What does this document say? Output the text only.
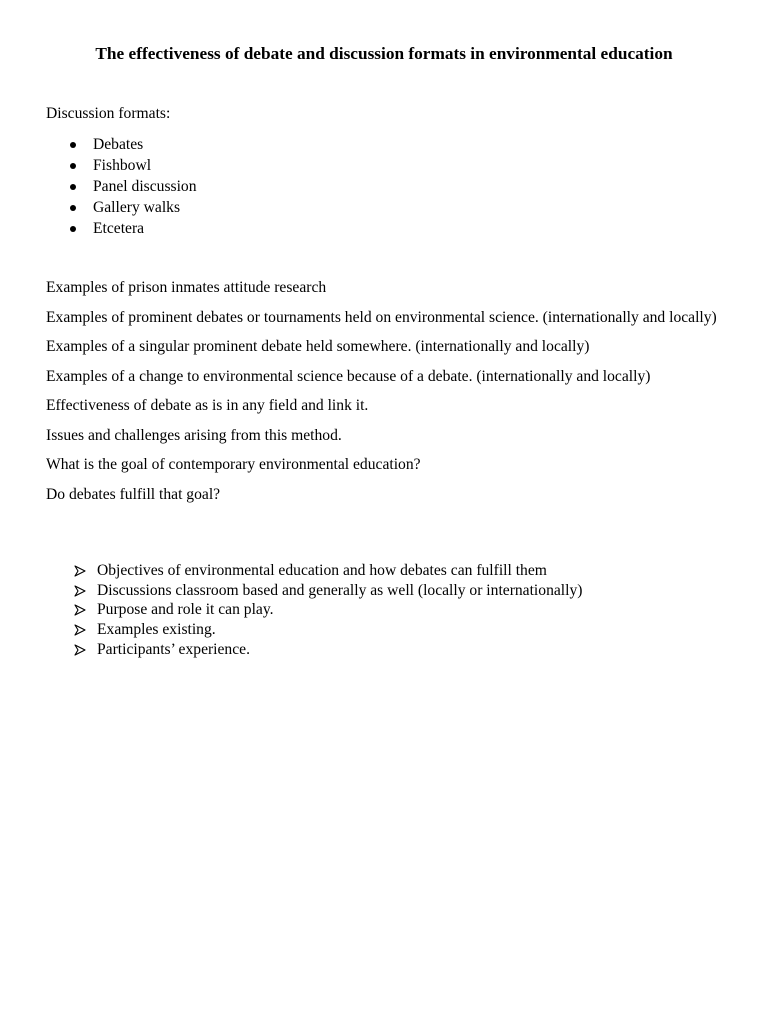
The effectiveness of debate and discussion formats in environmental education

Discussion formats:

Debates
Fishbowl
Panel discussion
Gallery walks
Etcetera

Examples of prison inmates attitude research

Examples of prominent debates or tournaments held on environmental science. (internationally and locally)

Examples of a singular prominent debate held somewhere. (internationally and locally)

Examples of a change to environmental science because of a debate. (internationally and locally)

Effectiveness of debate as is in any field and link it.

Issues and challenges arising from this method.

What is the goal of contemporary environmental education?

Do debates fulfill that goal?

Objectives of environmental education and how debates can fulfill them
Discussions classroom based and generally as well (locally or internationally)
Purpose and role it can play.
Examples existing.
Participants’ experience.
